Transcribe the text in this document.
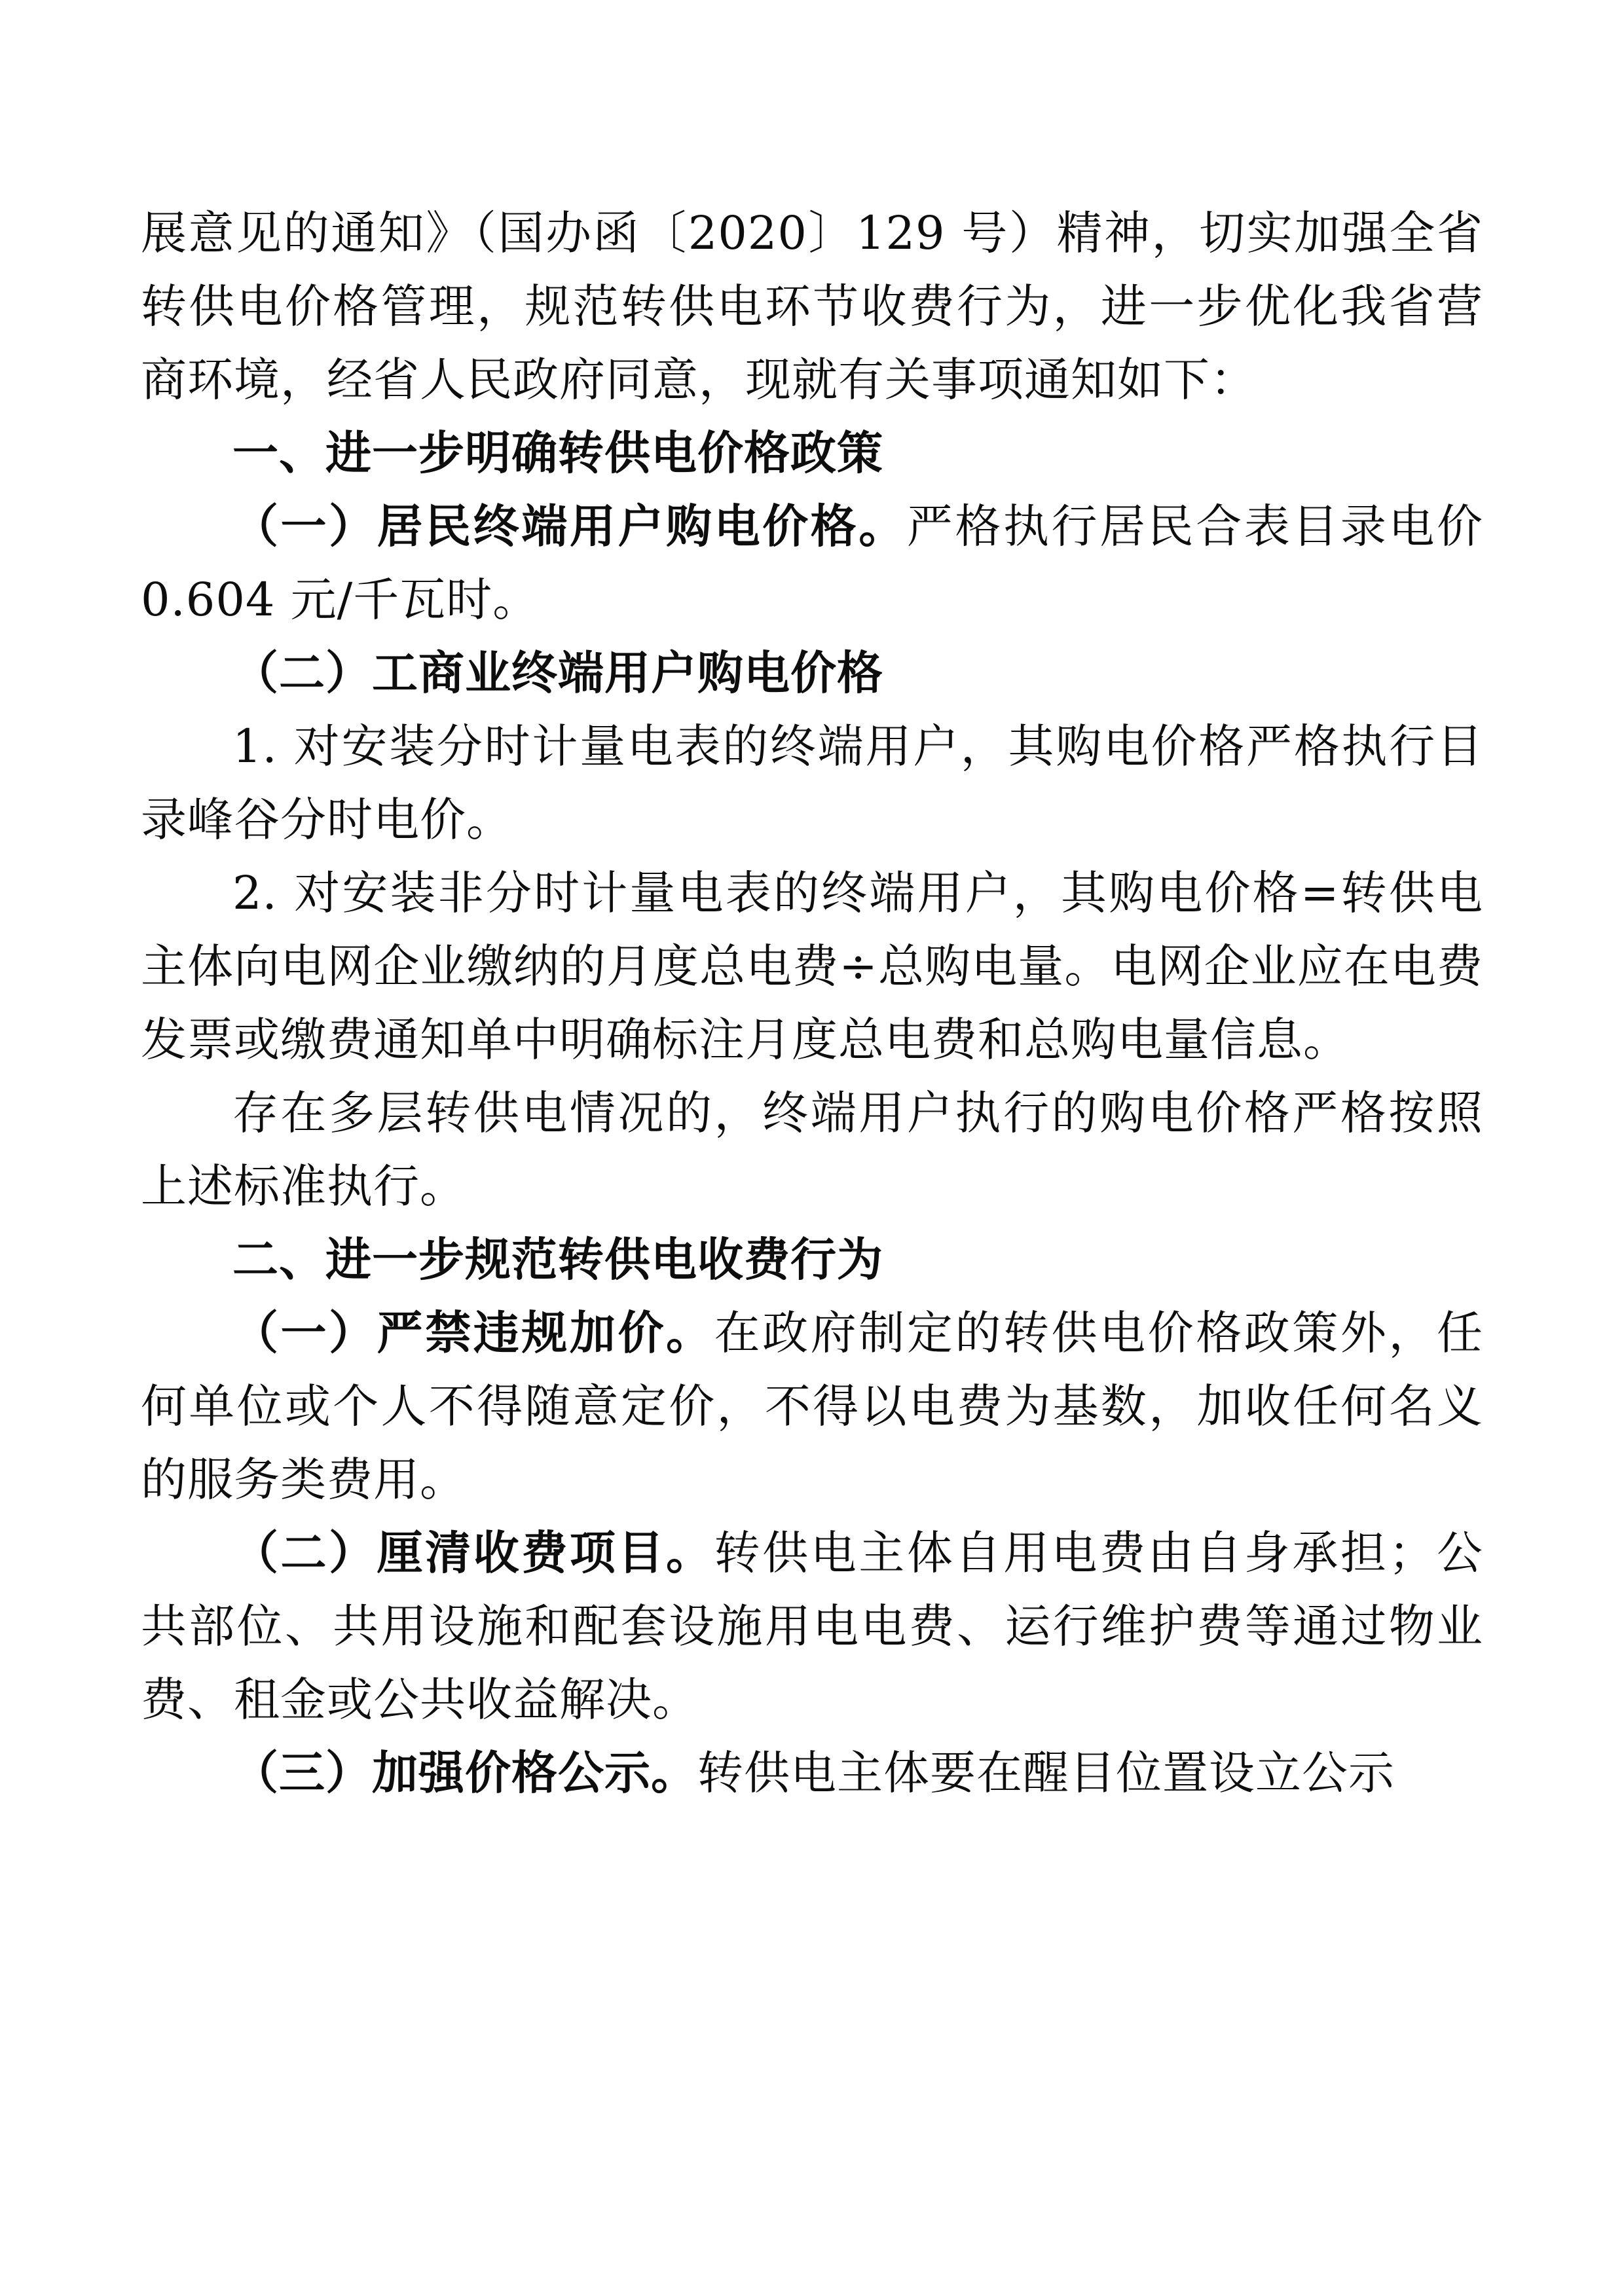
展意见的通知》（国办函〔2020〕129 号）精神，切实加强全省转供电价格管理，规范转供电环节收费行为，进一步优化我省营商环境，经省人民政府同意，现就有关事项通知如下：

一、进一步明确转供电价格政策

（一）居民终端用户购电价格。严格执行居民合表目录电价 0.604 元/千瓦时。

（二）工商业终端用户购电价格

1. 对安装分时计量电表的终端用户，其购电价格严格执行目录峰谷分时电价。

2. 对安装非分时计量电表的终端用户，其购电价格=转供电主体向电网企业缴纳的月度总电费÷总购电量。电网企业应在电费发票或缴费通知单中明确标注月度总电费和总购电量信息。

存在多层转供电情况的，终端用户执行的购电价格严格按照上述标准执行。

二、进一步规范转供电收费行为

（一）严禁违规加价。在政府制定的转供电价格政策外，任何单位或个人不得随意定价，不得以电费为基数，加收任何名义的服务类费用。

（二）厘清收费项目。转供电主体自用电费由自身承担；公共部位、共用设施和配套设施用电电费、运行维护费等通过物业费、租金或公共收益解决。

（三）加强价格公示。转供电主体要在醒目位置设立公示
